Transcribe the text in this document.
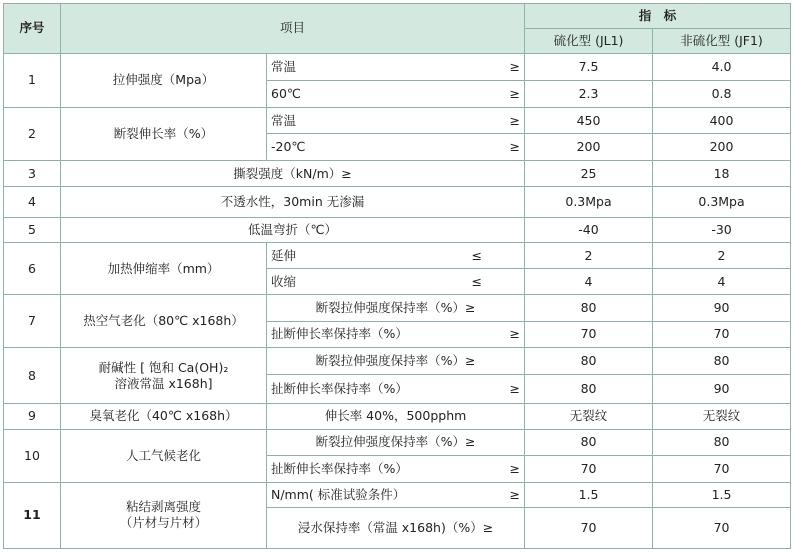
序号	项目		指　标	
			硫化型 (JL1)	非硫化型 (JF1)
1	拉伸强度（Mpa）	常温 ≥	7.5	4.0

		60℃ ≥	2.3	0.8
2	断裂伸长率（%）	常温 ≥	450	400

		-20℃ ≥	200	200
3	撕裂强度（kN/m）≥		25	18
4	不透水性，30min 无渗漏		0.3Mpa	0.3Mpa
5	低温弯折（℃）		-40	-30
6	加热伸缩率（mm）	延伸 ≤	2	2

		收缩 ≤	4	4
7	热空气老化（80℃ x168h）	断裂拉伸强度保持率（%）≥	80	90

		扯断伸长率保持率（%） ≥	70	70
8	耐碱性 [ 饱和 Ca(OH)₂
溶液常温 x168h]	断裂拉伸强度保持率（%）≥	80	80

		扯断伸长率保持率（%） ≥	80	90
9	臭氧老化（40℃ x168h）	伸长率 40%，500pphm	无裂纹	无裂纹
10	人工气候老化	断裂拉伸强度保持率（%）≥	80	80

		扯断伸长率保持率（%） ≥	70	70
11	粘结剥离强度
（片材与片材）	N/mm( 标准试验条件） ≥	1.5	1.5
		浸水保持率（常温 x168h)（%）≥	70	70
